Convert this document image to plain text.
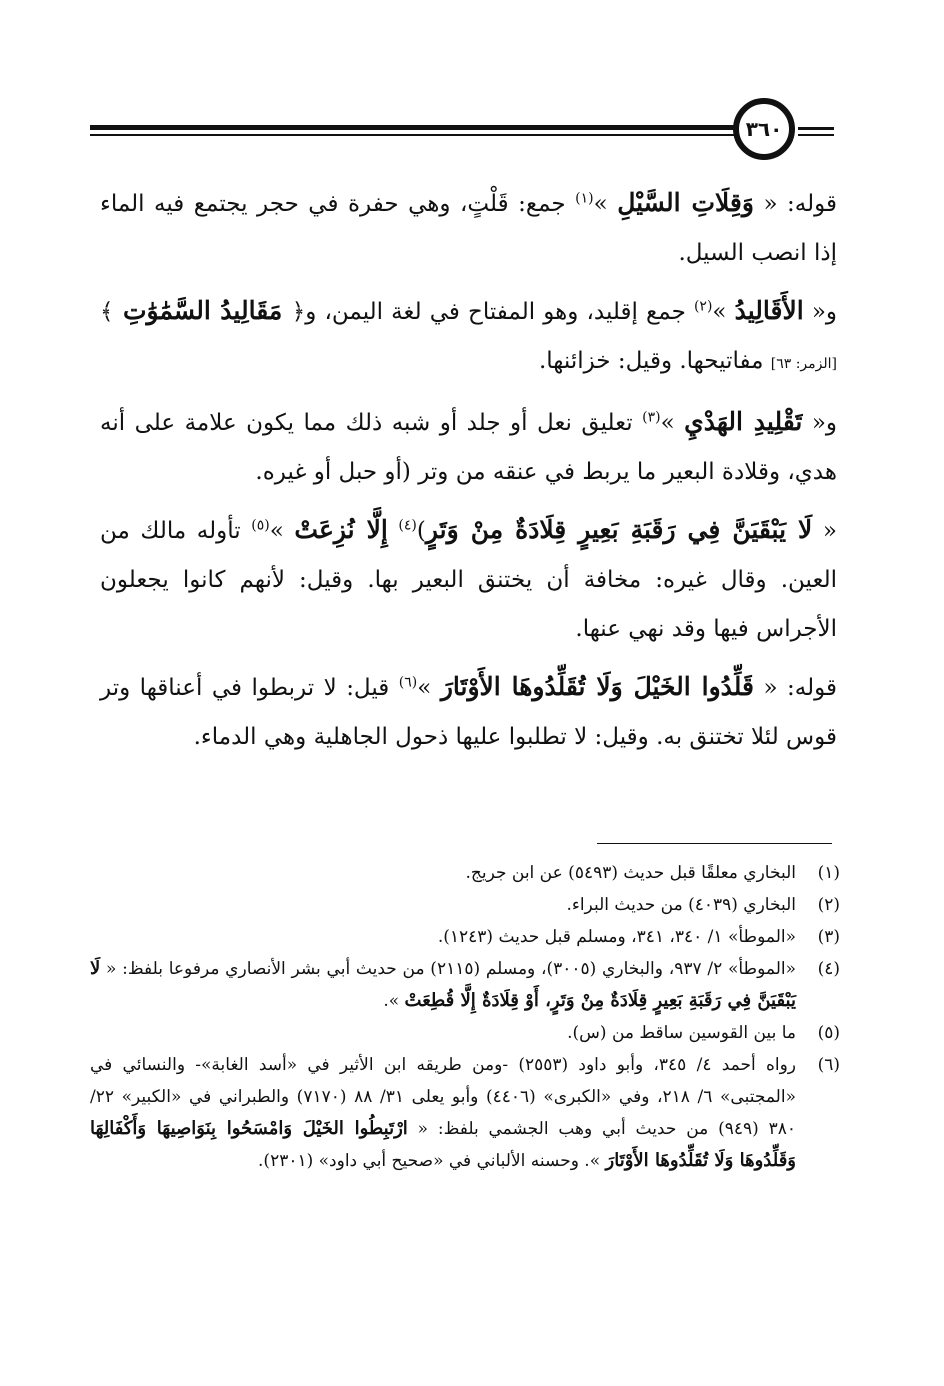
٣٦٠

قوله: « وَقِلَاتِ السَّيْلِ »$^{(١)}$ جمع: قَلْتٍ، وهي حفرة في حجر يجتمع فيه الماء إذا انصب السيل.

و« الأَقَالِيدُ »$^{(٢)}$ جمع إقليد، وهو المفتاح في لغة اليمن، و﴿ مَقَالِيدُ السَّمَٰوَٰتِ ﴾ [الزمر: ٦٣] مفاتيحها. وقيل: خزائنها.

و« تَقْلِيدِ الهَدْيِ »$^{(٣)}$ تعليق نعل أو جلد أو شبه ذلك مما يكون علامة على أنه هدي، وقلادة البعير ما يربط في عنقه من وتر (أو حبل أو غيره.

« لَا يَبْقَيَنَّ فِي رَقَبَةِ بَعِيرٍ قِلَادَةٌ مِنْ وَتَرٍ)$^{(٤)}$ إِلَّا نُزِعَتْ »$^{(٥)}$ تأوله مالك من العين. وقال غيره: مخافة أن يختنق البعير بها. وقيل: لأنهم كانوا يجعلون الأجراس فيها وقد نهي عنها.

قوله: « قَلِّدُوا الخَيْلَ وَلَا تُقَلِّدُوهَا الأَوْتَارَ »$^{(٦)}$ قيل: لا تربطوا في أعناقها وتر قوس لئلا تختنق به. وقيل: لا تطلبوا عليها ذحول الجاهلية وهي الدماء.

(١)
البخاري معلقًا قبل حديث (٥٤٩٣) عن ابن جريج.
(٢)
البخاري (٤٠٣٩) من حديث البراء.
(٣)
«الموطأ» ١/ ٣٤٠، ٣٤١، ومسلم قبل حديث (١٢٤٣).
(٤)
«الموطأ» ٢/ ٩٣٧، والبخاري (٣٠٠٥)، ومسلم (٢١١٥) من حديث أبي بشر الأنصاري مرفوعا بلفظ: « لَا يَبْقَيَنَّ فِي رَقَبَةِ بَعِيرٍ قِلَادَةٌ مِنْ وَتَرٍ، أَوْ قِلَادَةٌ إِلَّا قُطِعَتْ ».
(٥)
ما بين القوسين ساقط من (س).
(٦)
رواه أحمد ٤/ ٣٤٥، وأبو داود (٢٥٥٣) -ومن طريقه ابن الأثير في «أسد الغابة»- والنسائي في «المجتبى» ٦/ ٢١٨، وفي «الكبرى» (٤٤٠٦) وأبو يعلى ٣١/ ٨٨ (٧١٧٠) والطبراني في «الكبير» ٢٢/ ٣٨٠ (٩٤٩) من حديث أبي وهب الجشمي بلفظ: « ارْتَبِطُوا الخَيْلَ وَامْسَحُوا بِنَوَاصِيهَا وَأَكْفَالِهَا وَقَلِّدُوهَا وَلَا تُقَلِّدُوهَا الأَوْتَارَ ». وحسنه الألباني في «صحيح أبي داود» (٢٣٠١).
